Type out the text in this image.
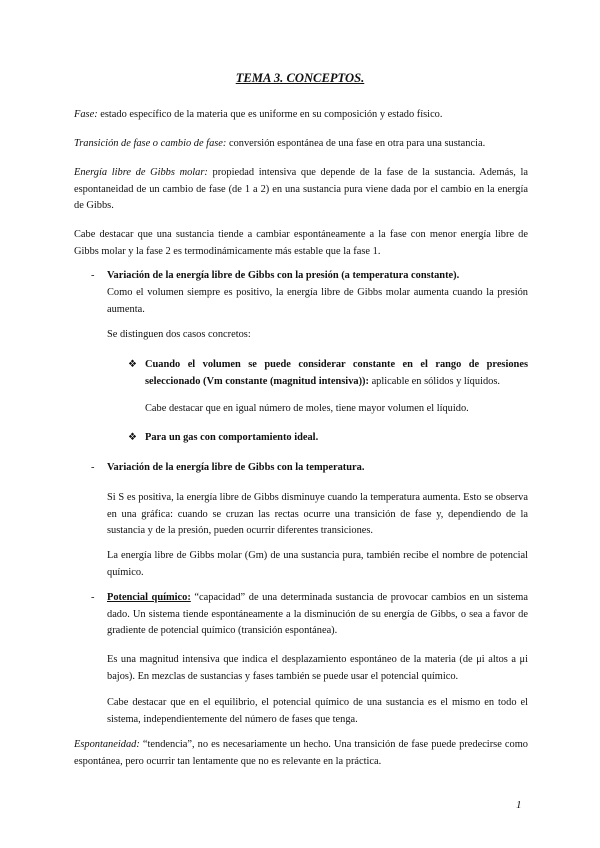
TEMA 3. CONCEPTOS.
Fase: estado específico de la materia que es uniforme en su composición y estado físico.
Transición de fase o cambio de fase: conversión espontánea de una fase en otra para una sustancia.
Energía libre de Gibbs molar: propiedad intensiva que depende de la fase de la sustancia. Además, la espontaneidad de un cambio de fase (de 1 a 2) en una sustancia pura viene dada por el cambio en la energía de Gibbs.
Cabe destacar que una sustancia tiende a cambiar espontáneamente a la fase con menor energía libre de Gibbs molar y la fase 2 es termodinámicamente más estable que la fase 1.
- Variación de la energía libre de Gibbs con la presión (a temperatura constante).
Como el volumen siempre es positivo, la energía libre de Gibbs molar aumenta cuando la presión aumenta.
Se distinguen dos casos concretos:
❖ Cuando el volumen se puede considerar constante en el rango de presiones seleccionado (Vm constante (magnitud intensiva)): aplicable en sólidos y líquidos.
Cabe destacar que en igual número de moles, tiene mayor volumen el líquido.
❖ Para un gas con comportamiento ideal.
- Variación de la energía libre de Gibbs con la temperatura.
Si S es positiva, la energía libre de Gibbs disminuye cuando la temperatura aumenta. Esto se observa en una gráfica: cuando se cruzan las rectas ocurre una transición de fase y, dependiendo de la sustancia y de la presión, pueden ocurrir diferentes transiciones.
La energía libre de Gibbs molar (Gm) de una sustancia pura, también recibe el nombre de potencial químico.
- Potencial químico: “capacidad” de una determinada sustancia de provocar cambios en un sistema dado. Un sistema tiende espontáneamente a la disminución de su energía de Gibbs, o sea a favor de gradiente de potencial químico (transición espontánea).
Es una magnitud intensiva que indica el desplazamiento espontáneo de la materia (de μi altos a μi bajos). En mezclas de sustancias y fases también se puede usar el potencial químico.
Cabe destacar que en el equilibrio, el potencial químico de una sustancia es el mismo en todo el sistema, independientemente del número de fases que tenga.
Espontaneidad: “tendencia”, no es necesariamente un hecho. Una transición de fase puede predecirse como espontánea, pero ocurrir tan lentamente que no es relevante en la práctica.
1
